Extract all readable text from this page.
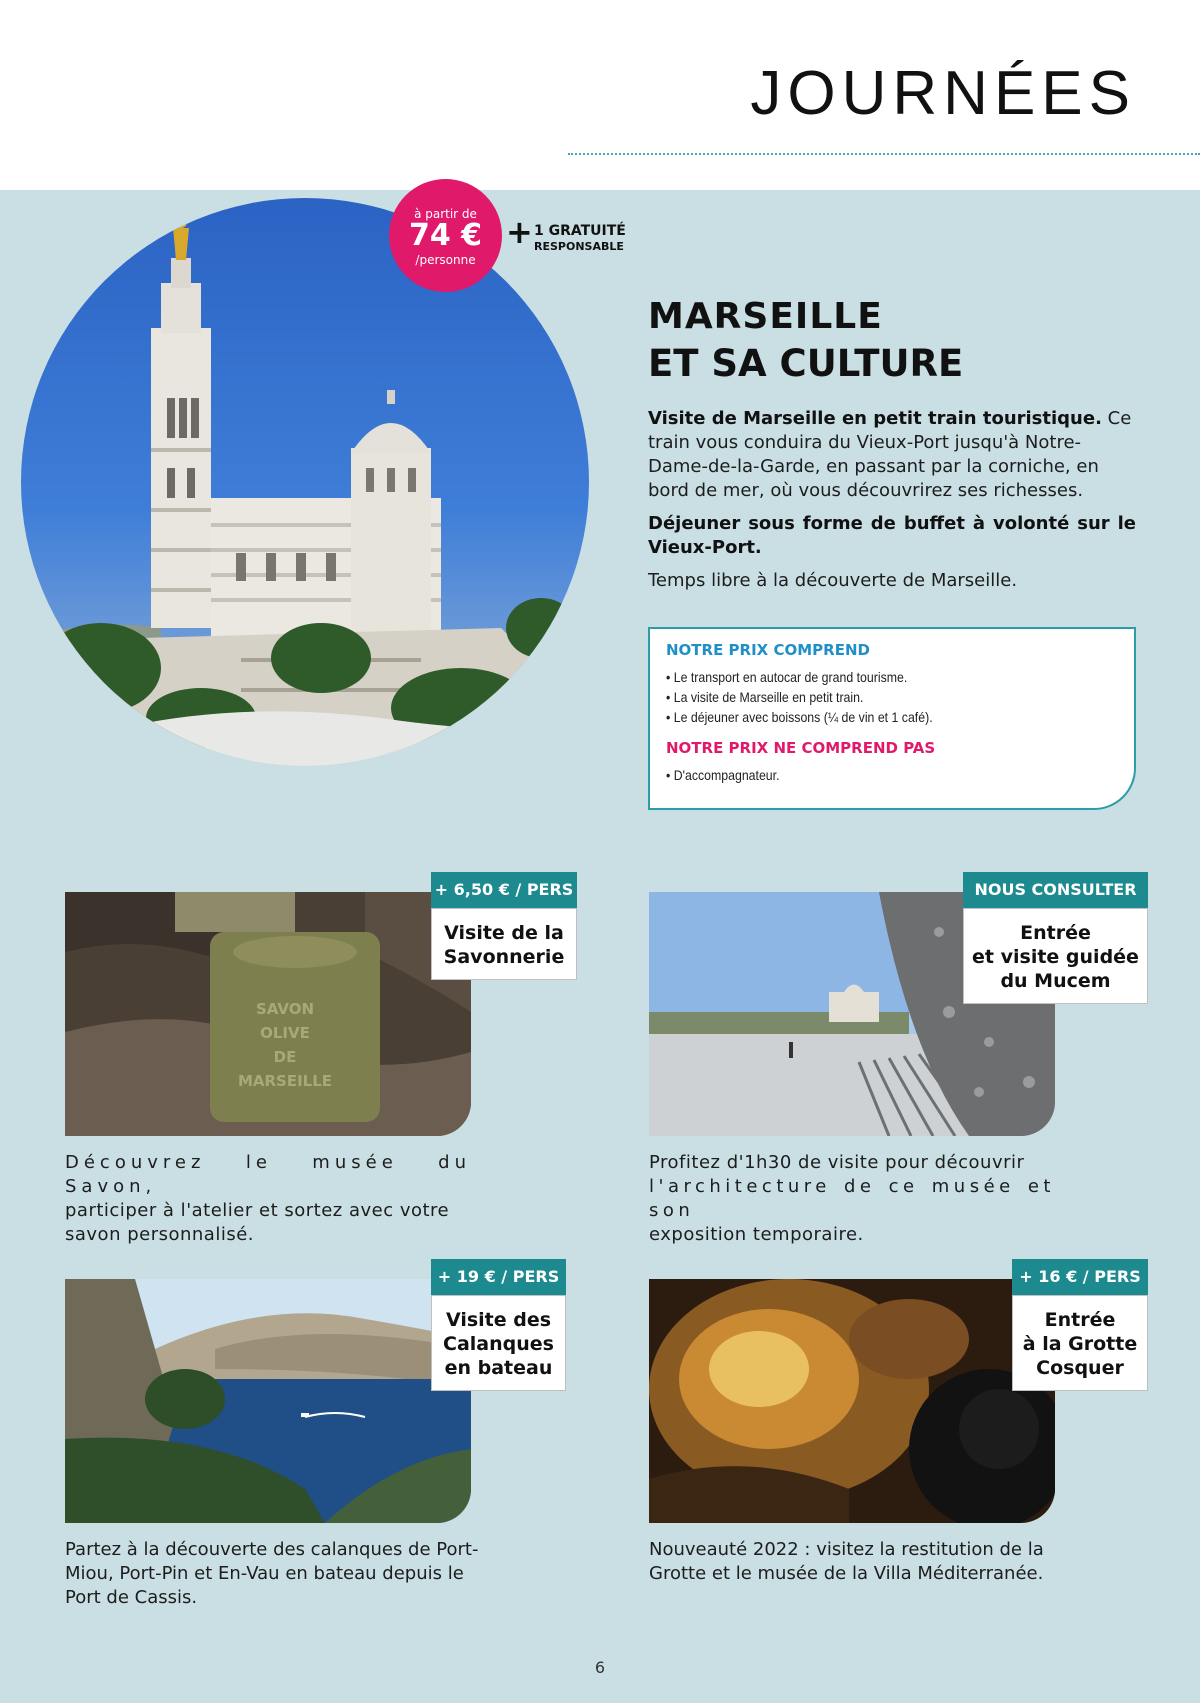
JOURNÉES
à partir de
74 €
/personne
+ 1 GRATUITÉ
RESPONSABLE
MARSEILLE
ET SA CULTURE

Visite de Marseille en petit train touristique. Ce train vous conduira du Vieux-Port jusqu'à Notre-Dame-de-la-Garde, en passant par la corniche, en bord de mer, où vous découvrirez ses richesses.

Déjeuner sous forme de buffet à volonté sur le Vieux-Port.

Temps libre à la découverte de Marseille.

NOTRE PRIX COMPREND
• Le transport en autocar de grand tourisme.
• La visite de Marseille en petit train.
• Le déjeuner avec boissons (¼ de vin et 1 café).
NOTRE PRIX NE COMPREND PAS
• D'accompagnateur.
SAVON
OLIVE
DE
MARSEILLE
+ 6,50 € / PERS
Visite de la
Savonnerie
Découvrez le musée du Savon,
participer à l'atelier et sortez avec votre
savon personnalisé.
NOUS CONSULTER
Entrée
et visite guidée
du Mucem
Profitez d'1h30 de visite pour découvrir
l'architecture de ce musée et son
exposition temporaire.
+ 19 € / PERS
Visite des
Calanques
en bateau
Partez à la découverte des calanques de Port-
Miou, Port-Pin et En-Vau en bateau depuis le
Port de Cassis.
+ 16 € / PERS
Entrée
à la Grotte
Cosquer
Nouveauté 2022 : visitez la restitution de la
Grotte et le musée de la Villa Méditerranée.
6
